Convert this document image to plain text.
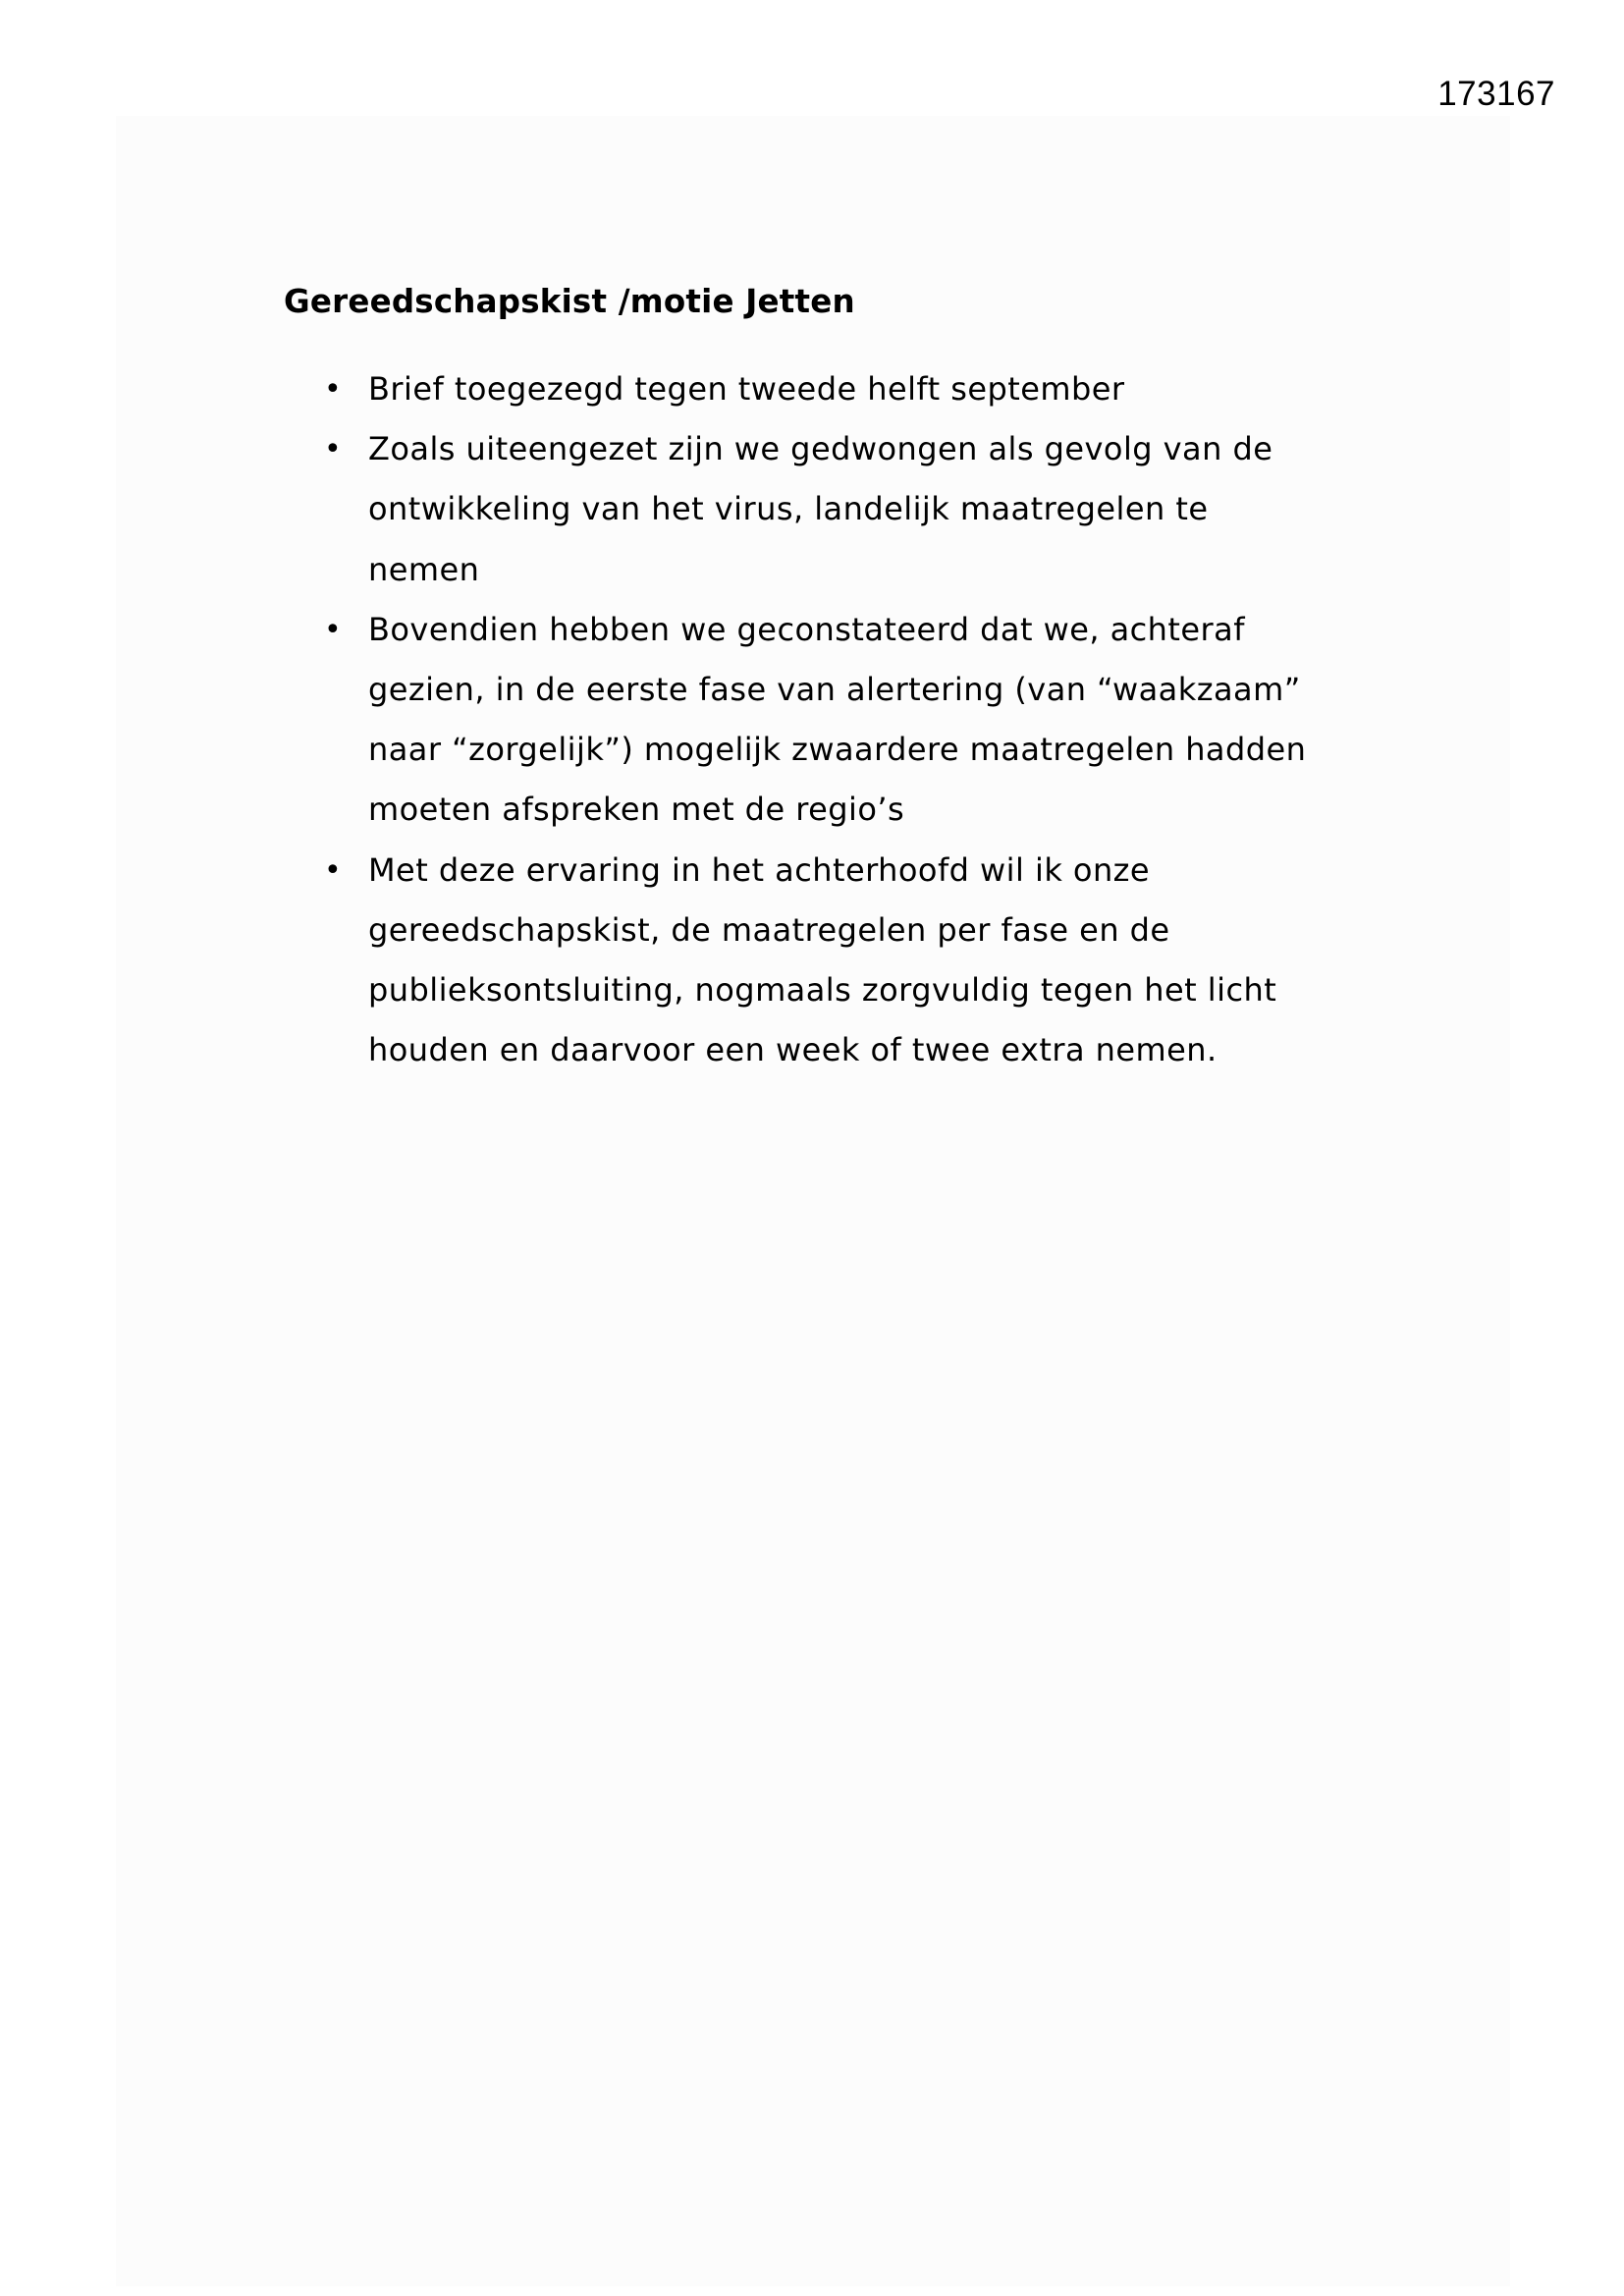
173167
Gereedschapskist /motie Jetten
• Brief toegezegd tegen tweede helft september
• Zoals uiteengezet zijn we gedwongen als gevolg van de
ontwikkeling van het virus, landelijk maatregelen te
nemen
• Bovendien hebben we geconstateerd dat we, achteraf
gezien, in de eerste fase van alertering (van “waakzaam”
naar “zorgelijk”) mogelijk zwaardere maatregelen hadden
moeten afspreken met de regio’s
• Met deze ervaring in het achterhoofd wil ik onze
gereedschapskist, de maatregelen per fase en de
publieksontsluiting, nogmaals zorgvuldig tegen het licht
houden en daarvoor een week of twee extra nemen.
